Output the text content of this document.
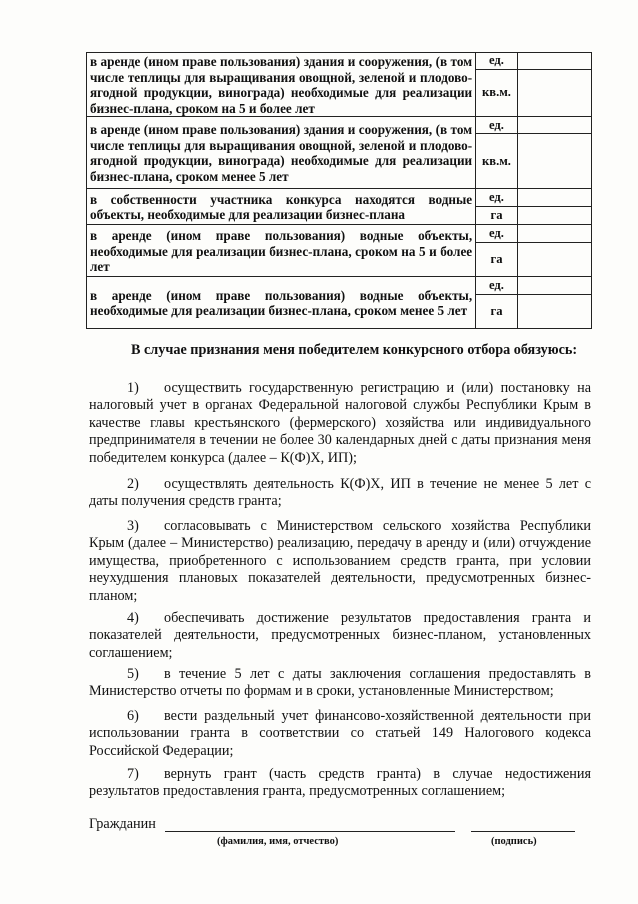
в аренде (ином праве пользования) здания и сооружения, (в том числе теплицы для выращивания овощной, зеленой и плодово-ягодной продукции, винограда) необходимые для реализации бизнес-плана, сроком на 5 и более лет	ед.	
	кв.м.	
в аренде (ином праве пользования) здания и сооружения, (в том числе теплицы для выращивания овощной, зеленой и плодово-ягодной продукции, винограда) необходимые для реализации бизнес-плана, сроком менее 5 лет	ед.	
	кв.м.	
в собственности участника конкурса находятся водные объекты, необходимые для реализации бизнес-плана	ед.	
	га	
в аренде (ином праве пользования) водные объекты, необходимые для реализации бизнес-плана, сроком на 5 и более лет	ед.	
	га	
в аренде (ином праве пользования) водные объекты, необходимые для реализации бизнес-плана, сроком менее 5 лет	ед.	
	га	
В случае признания меня победителем конкурсного отбора обязуюсь:
1) осуществить государственную регистрацию и (или) постановку на налоговый учет в органах Федеральной налоговой службы Республики Крым в качестве главы крестьянского (фермерского) хозяйства или индивидуального предпринимателя в течении не более 30 календарных дней с даты признания меня победителем конкурса (далее – К(Ф)Х, ИП);
2) осуществлять деятельность К(Ф)Х, ИП в течение не менее 5 лет с даты получения средств гранта;
3) согласовывать с Министерством сельского хозяйства Республики Крым (далее – Министерство) реализацию, передачу в аренду и (или) отчуждение имущества, приобретенного с использованием средств гранта, при условии неухудшения плановых показателей деятельности, предусмотренных бизнес-планом;
4) обеспечивать достижение результатов предоставления гранта и показателей деятельности, предусмотренных бизнес-планом, установленных соглашением;
5) в течение 5 лет с даты заключения соглашения предоставлять в Министерство отчеты по формам и в сроки, установленные Министерством;
6) вести раздельный учет финансово-хозяйственной деятельности при использовании гранта в соответствии со статьей 149 Налогового кодекса Российской Федерации;
7) вернуть грант (часть средств гранта) в случае недостижения результатов предоставления гранта, предусмотренных соглашением;
Гражданин
(фамилия, имя, отчество)	(подпись)
